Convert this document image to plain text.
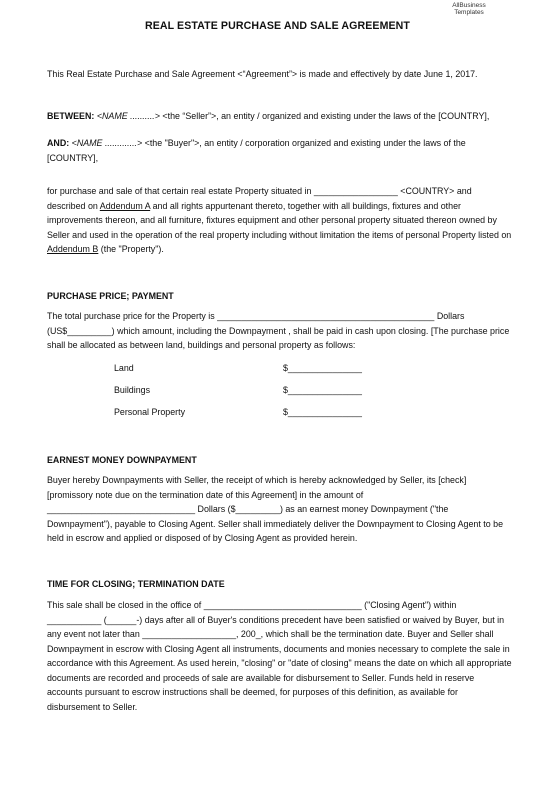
AllBusiness
Templates
REAL ESTATE PURCHASE AND SALE AGREEMENT

This Real Estate Purchase and Sale Agreement <“Agreement”> is made and effectively by date June 1, 2017.

BETWEEN: <NAME ..........> <the “Seller”>, an entity / organized and existing under the laws of the [COUNTRY],

AND: <NAME .............> <the "Buyer">, an entity / corporation organized and existing under the laws of the [COUNTRY],

for purchase and sale of that certain real estate Property situated in _________________ <COUNTRY> and described on Addendum A and all rights appurtenant thereto, together with all buildings, fixtures and other improvements thereon, and all furniture, fixtures equipment and other personal property situated thereon owned by Seller and used in the operation of the real property including without limitation the items of personal Property listed on Addendum B (the "Property").

PURCHASE PRICE; PAYMENT

The total purchase price for the Property is ____________________________________________ Dollars (US$_________) which amount, including the Downpayment , shall be paid in cash upon closing. [The purchase price shall be allocated as between land, buildings and personal property as follows:

Land	$_______________
Buildings	$_______________
Personal Property	$_______________
EARNEST MONEY DOWNPAYMENT

Buyer hereby Downpayments with Seller, the receipt of which is hereby acknowledged by Seller, its [check] [promissory note due on the termination date of this Agreement] in the amount of ______________________________ Dollars ($_________) as an earnest money Downpayment ("the Downpayment"), payable to Closing Agent. Seller shall immediately deliver the Downpayment to Closing Agent to be held in escrow and applied or disposed of by Closing Agent as provided herein.

TIME FOR CLOSING; TERMINATION DATE

This sale shall be closed in the office of ________________________________ ("Closing Agent") within ___________ (______-) days after all of Buyer's conditions precedent have been satisfied or waived by Buyer, but in any event not later than ___________________, 200_, which shall be the termination date. Buyer and Seller shall Downpayment in escrow with Closing Agent all instruments, documents and monies necessary to complete the sale in accordance with this Agreement. As used herein, "closing" or "date of closing" means the date on which all appropriate documents are recorded and proceeds of sale are available for disbursement to Seller. Funds held in reserve accounts pursuant to escrow instructions shall be deemed, for purposes of this definition, as available for disbursement to Seller.
